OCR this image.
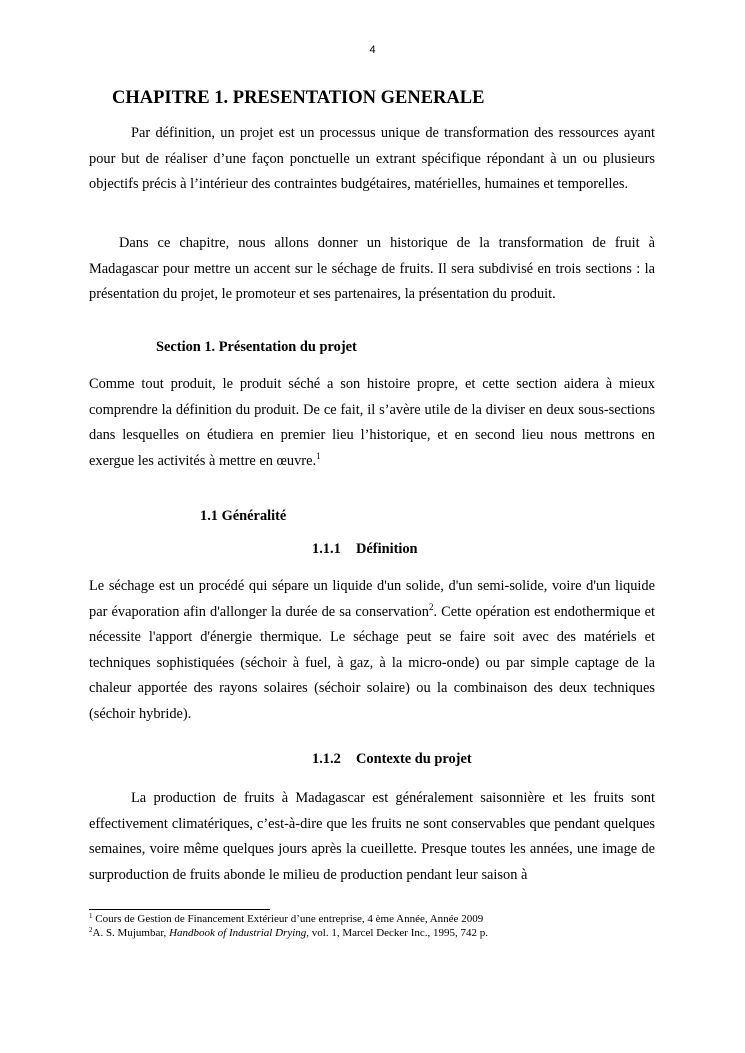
4
CHAPITRE 1. PRESENTATION GENERALE

Par définition, un projet est un processus unique de transformation des ressources ayant pour but de réaliser d’une façon ponctuelle un extrant spécifique répondant à un ou plusieurs objectifs précis à l’intérieur des contraintes budgétaires, matérielles, humaines et temporelles.

Dans ce chapitre, nous allons donner un historique de la transformation de fruit à Madagascar pour mettre un accent sur le séchage de fruits. Il sera subdivisé en trois sections : la présentation du projet, le promoteur et ses partenaires, la présentation du produit.

Section 1. Présentation du projet

Comme tout produit, le produit séché a son histoire propre, et cette section aidera à mieux comprendre la définition du produit. De ce fait, il s’avère utile de la diviser en deux sous-sections dans lesquelles on étudiera en premier lieu l’historique, et en second lieu nous mettrons en exergue les activités à mettre en œuvre.$^1$

1.1 Généralité
1.1.1 Définition

Le séchage est un procédé qui sépare un liquide d'un solide, d'un semi-solide, voire d'un liquide par évaporation afin d'allonger la durée de sa conservation$^2$. Cette opération est endothermique et nécessite l'apport d'énergie thermique. Le séchage peut se faire soit avec des matériels et techniques sophistiquées (séchoir à fuel, à gaz, à la micro-onde) ou par simple captage de la chaleur apportée des rayons solaires (séchoir solaire) ou la combinaison des deux techniques (séchoir hybride).

1.1.2 Contexte du projet

La production de fruits à Madagascar est généralement saisonnière et les fruits sont effectivement climatériques, c’est-à-dire que les fruits ne sont conservables que pendant quelques semaines, voire même quelques jours après la cueillette. Presque toutes les années, une image de surproduction de fruits abonde le milieu de production pendant leur saison à

$^1$ Cours de Gestion de Financement Extérieur d’une entreprise, 4 ème Année, Année 2009

$^2$A. S. Mujumbar, Handbook of Industrial Drying, vol. 1, Marcel Decker Inc., 1995, 742 p.
